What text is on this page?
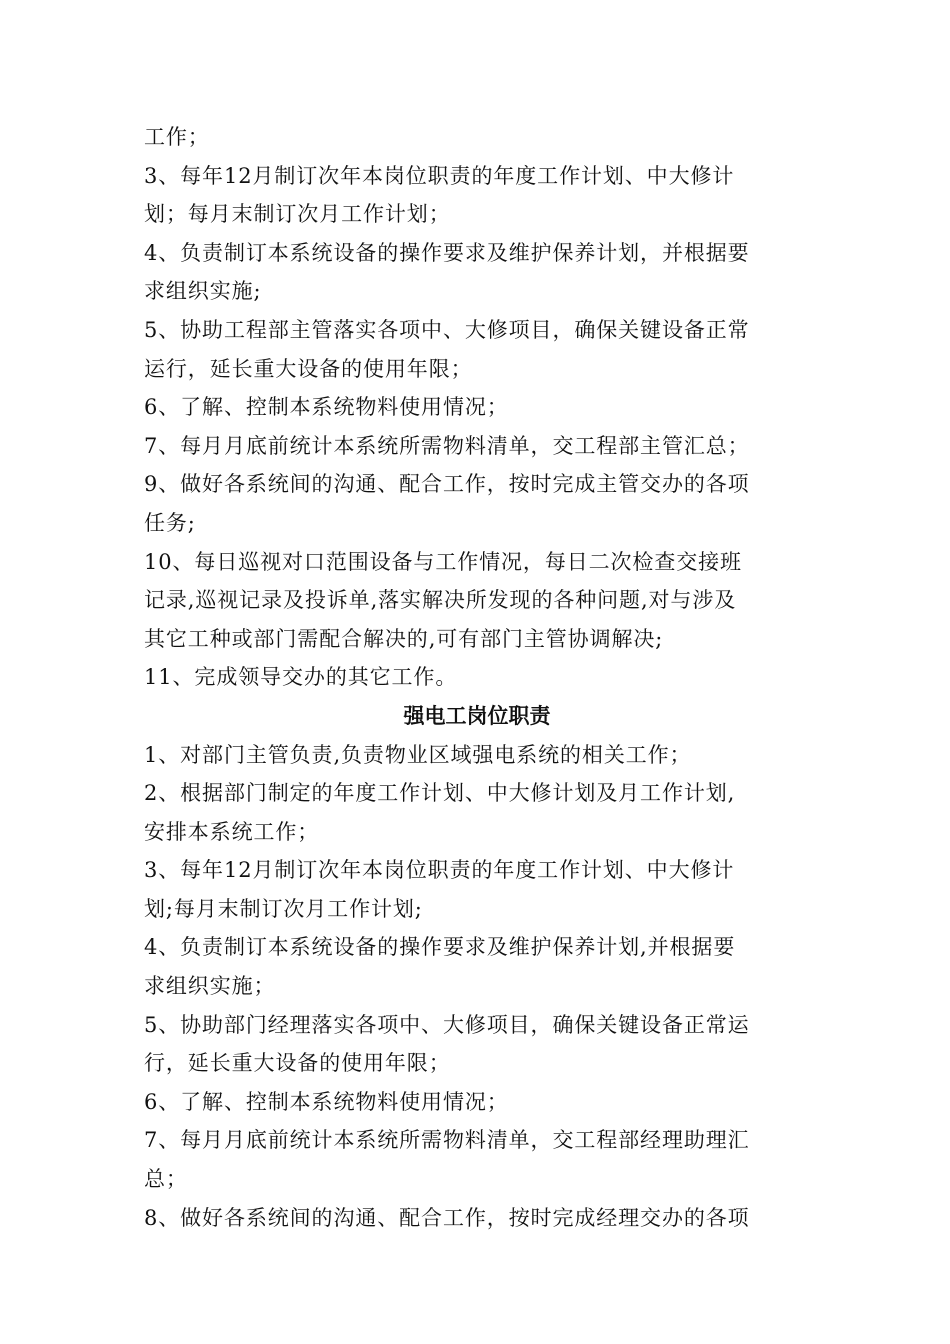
工作；
3、每年12月制订次年本岗位职责的年度工作计划、中大修计
划；每月末制订次月工作计划；
4、负责制订本系统设备的操作要求及维护保养计划，并根据要
求组织实施;
5、协助工程部主管落实各项中、大修项目，确保关键设备正常
运行，延长重大设备的使用年限；
6、了解、控制本系统物料使用情况；
7、每月月底前统计本系统所需物料清单，交工程部主管汇总；
9、做好各系统间的沟通、配合工作，按时完成主管交办的各项
任务;
10、每日巡视对口范围设备与工作情况，每日二次检查交接班
记录,巡视记录及投诉单,落实解决所发现的各种问题,对与涉及
其它工种或部门需配合解决的,可有部门主管协调解决;
11、完成领导交办的其它工作。
强电工岗位职责
1、对部门主管负责,负责物业区域强电系统的相关工作；
2、根据部门制定的年度工作计划、中大修计划及月工作计划,
安排本系统工作；
3、每年12月制订次年本岗位职责的年度工作计划、中大修计
划;每月末制订次月工作计划;
4、负责制订本系统设备的操作要求及维护保养计划,并根据要
求组织实施；
5、协助部门经理落实各项中、大修项目，确保关键设备正常运
行，延长重大设备的使用年限；
6、了解、控制本系统物料使用情况；
7、每月月底前统计本系统所需物料清单，交工程部经理助理汇
总；
8、做好各系统间的沟通、配合工作，按时完成经理交办的各项
